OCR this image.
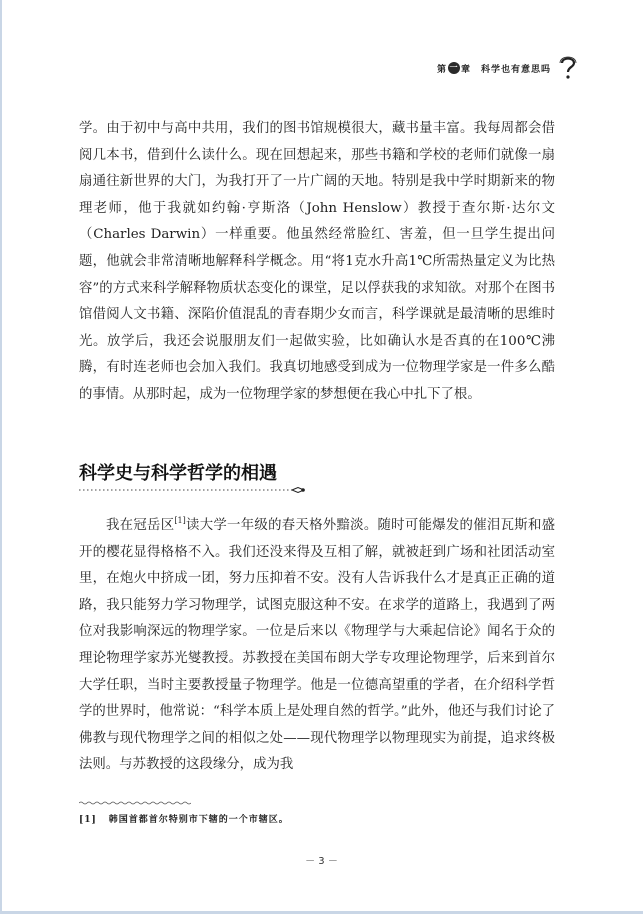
第 一 章 科学也有意思吗

学。由于初中与高中共用，我们的图书馆规模很大，藏书量丰富。我每周都会借阅几本书，借到什么读什么。现在回想起来，那些书籍和学校的老师们就像一扇扇通往新世界的大门，为我打开了一片广阔的天地。特别是我中学时期新来的物理老师，他于我就如约翰·亨斯洛（John Henslow）教授于查尔斯·达尔文（Charles Darwin）一样重要。他虽然经常脸红、害羞，但一旦学生提出问题，他就会非常清晰地解释科学概念。用“将1克水升高1℃所需热量定义为比热容”的方式来科学解释物质状态变化的课堂，足以俘获我的求知欲。对那个在图书馆借阅人文书籍、深陷价值混乱的青春期少女而言，科学课就是最清晰的思维时光。放学后，我还会说服朋友们一起做实验，比如确认水是否真的在100℃沸腾，有时连老师也会加入我们。我真切地感受到成为一位物理学家是一件多么酷的事情。从那时起，成为一位物理学家的梦想便在我心中扎下了根。

科学史与科学哲学的相遇

我在冠岳区[1]读大学一年级的春天格外黯淡。随时可能爆发的催泪瓦斯和盛开的樱花显得格格不入。我们还没来得及互相了解，就被赶到广场和社团活动室里，在炮火中挤成一团，努力压抑着不安。没有人告诉我什么才是真正正确的道路，我只能努力学习物理学，试图克服这种不安。在求学的道路上，我遇到了两位对我影响深远的物理学家。一位是后来以《物理学与大乘起信论》闻名于众的理论物理学家苏光燮教授。苏教授在美国布朗大学专攻理论物理学，后来到首尔大学任职，当时主要教授量子物理学。他是一位德高望重的学者，在介绍科学哲学的世界时，他常说：“科学本质上是处理自然的哲学。”此外，他还与我们讨论了佛教与现代物理学之间的相似之处——现代物理学以物理现实为前提，追求终极法则。与苏教授的这段缘分，成为我

[1] 韩国首都首尔特别市下辖的一个市辖区。
－ 3 －
